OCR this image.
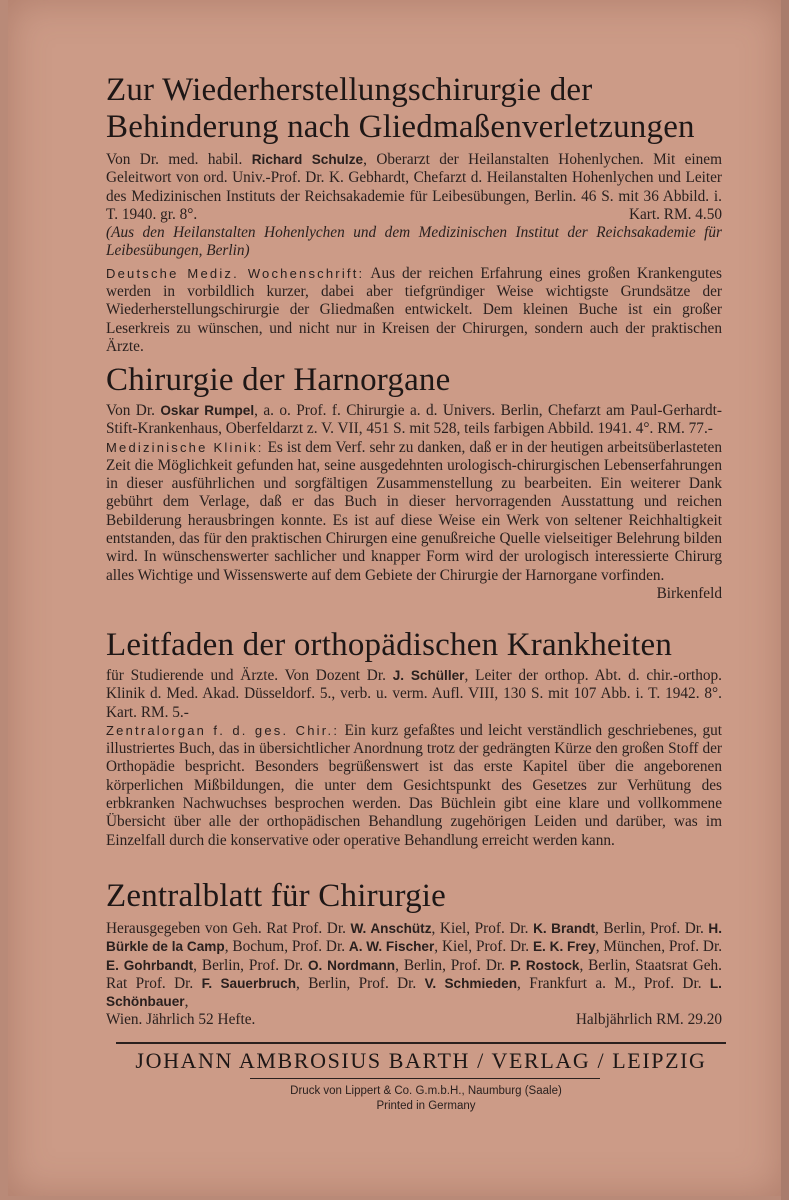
Zur Wiederherstellungschirurgie der

Behinderung nach Gliedmaßenverletzungen

Von Dr. med. habil. Richard Schulze, Oberarzt der Heilanstalten Hohenlychen. Mit einem Geleitwort von ord. Univ.-Prof. Dr. K. Gebhardt, Chefarzt d. Heilanstalten Hohenlychen und Leiter des Medizinischen Instituts der Reichsakademie für Leibesübungen, Berlin. 46 S. mit 36 Abbild. i. T. 1940. gr. 8°.	Kart. RM. 4.50

(Aus den Heilanstalten Hohenlychen und dem Medizinischen Institut der Reichsakademie für Leibesübungen, Berlin)

Deutsche Mediz. Wochenschrift: Aus der reichen Erfahrung eines großen Krankengutes werden in vorbildlich kurzer, dabei aber tiefgründiger Weise wichtigste Grundsätze der Wiederherstellungschirurgie der Gliedmaßen entwickelt. Dem kleinen Buche ist ein großer Leserkreis zu wünschen, und nicht nur in Kreisen der Chirurgen, sondern auch der praktischen Ärzte.

Chirurgie der Harnorgane

Von Dr. Oskar Rumpel, a. o. Prof. f. Chirurgie a. d. Univers. Berlin, Chefarzt am Paul-Gerhardt-Stift-Krankenhaus, Oberfeldarzt z. V. VII, 451 S. mit 528, teils farbigen Abbild. 1941. 4°. RM. 77.-

Medizinische Klinik: Es ist dem Verf. sehr zu danken, daß er in der heutigen arbeitsüberlasteten Zeit die Möglichkeit gefunden hat, seine ausgedehnten urologisch-chirurgischen Lebenserfahrungen in dieser ausführlichen und sorgfältigen Zusammenstellung zu bearbeiten. Ein weiterer Dank gebührt dem Verlage, daß er das Buch in dieser hervorragenden Ausstattung und reichen Bebilderung herausbringen konnte. Es ist auf diese Weise ein Werk von seltener Reichhaltigkeit entstanden, das für den praktischen Chirurgen eine genußreiche Quelle vielseitiger Belehrung bilden wird. In wünschenswerter sachlicher und knapper Form wird der urologisch interessierte Chirurg alles Wichtige und Wissenswerte auf dem Gebiete der Chirurgie der Harnorgane vorfinden.
Birkenfeld

Leitfaden der orthopädischen Krankheiten

für Studierende und Ärzte. Von Dozent Dr. J. Schüller, Leiter der orthop. Abt. d. chir.-orthop. Klinik d. Med. Akad. Düsseldorf. 5., verb. u. verm. Aufl. VIII, 130 S. mit 107 Abb. i. T. 1942. 8°. Kart. RM. 5.-

Zentralorgan f. d. ges. Chir.: Ein kurz gefaßtes und leicht verständlich geschriebenes, gut illustriertes Buch, das in übersichtlicher Anordnung trotz der gedrängten Kürze den großen Stoff der Orthopädie bespricht. Besonders begrüßenswert ist das erste Kapitel über die angeborenen körperlichen Mißbildungen, die unter dem Gesichtspunkt des Gesetzes zur Verhütung des erbkranken Nachwuchses besprochen werden. Das Büchlein gibt eine klare und vollkommene Übersicht über alle der orthopädischen Behandlung zugehörigen Leiden und darüber, was im Einzelfall durch die konservative oder operative Behandlung erreicht werden kann.

Zentralblatt für Chirurgie

Herausgegeben von Geh. Rat Prof. Dr. W. Anschütz, Kiel, Prof. Dr. K. Brandt, Berlin, Prof. Dr. H. Bürkle de la Camp, Bochum, Prof. Dr. A. W. Fischer, Kiel, Prof. Dr. E. K. Frey, München, Prof. Dr. E. Gohrbandt, Berlin, Prof. Dr. O. Nordmann, Berlin, Prof. Dr. P. Rostock, Berlin, Staatsrat Geh. Rat Prof. Dr. F. Sauerbruch, Berlin, Prof. Dr. V. Schmieden, Frankfurt a. M., Prof. Dr. L. Schönbauer,

Wien. Jährlich 52 Hefte.	Halbjährlich RM. 29.20

JOHANN AMBROSIUS BARTH / VERLAG / LEIPZIG
Druck von Lippert & Co. G.m.b.H., Naumburg (Saale)
Printed in Germany
